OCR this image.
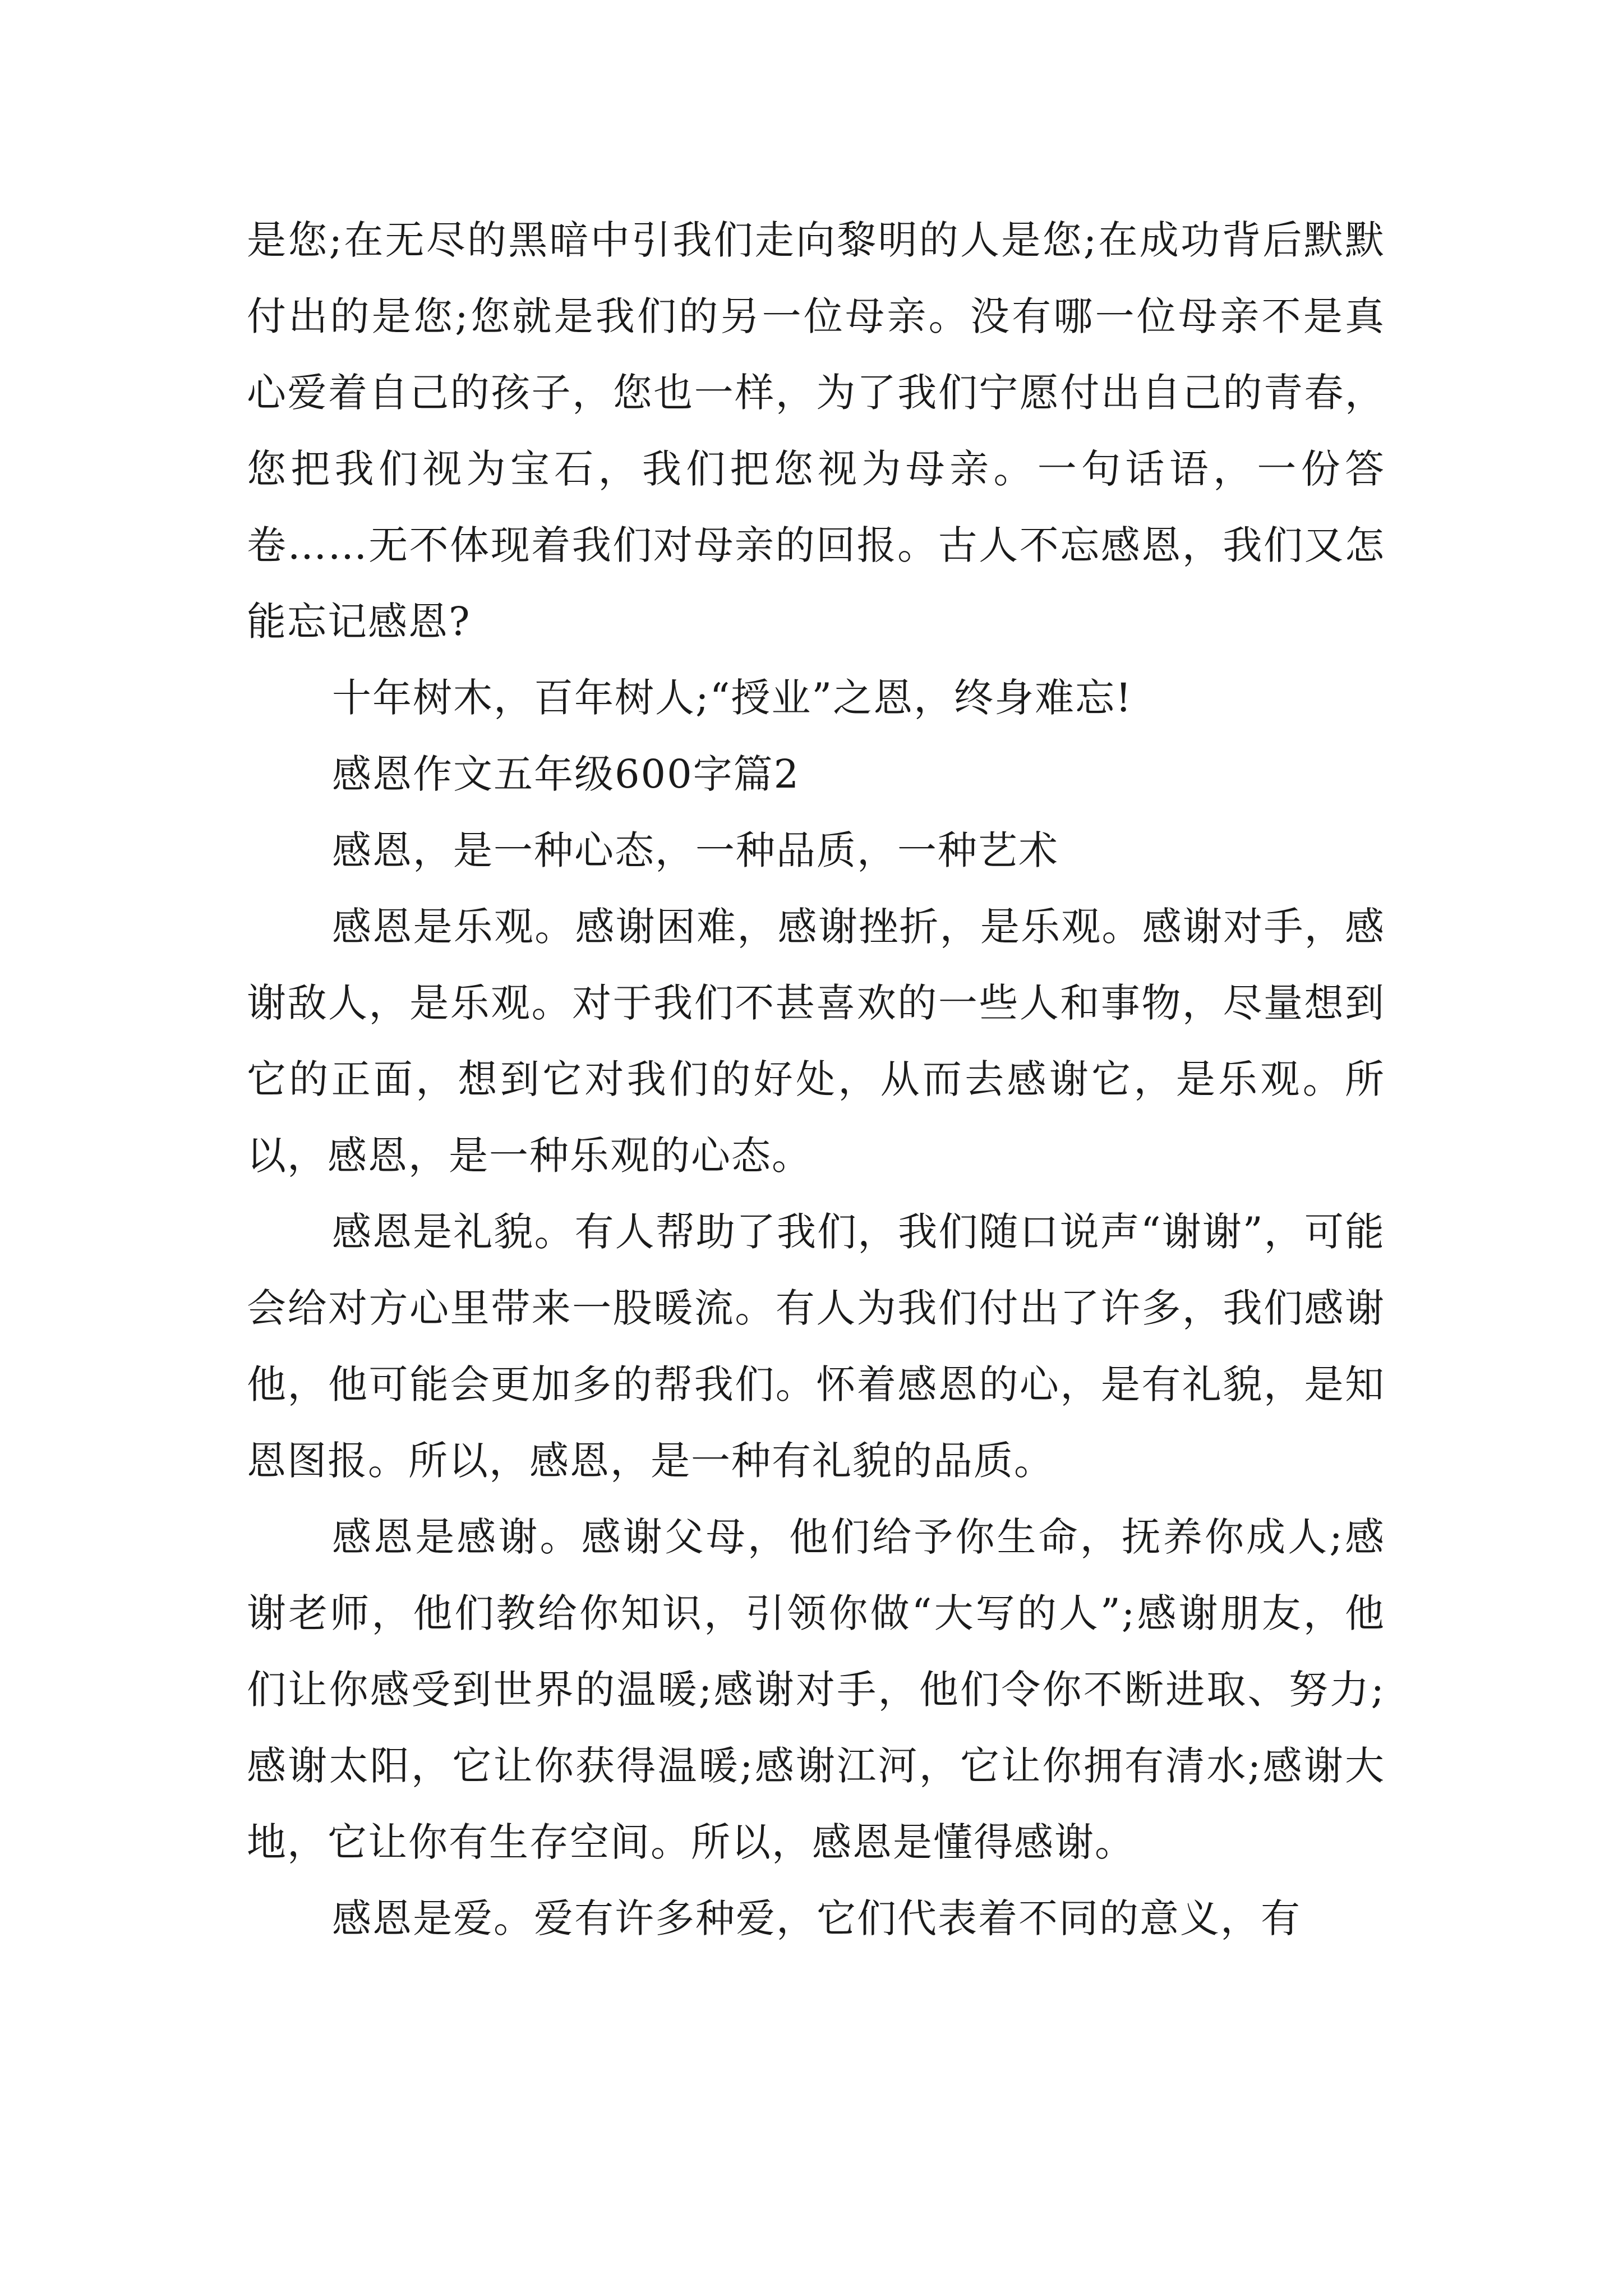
是您;在无尽的黑暗中引我们走向黎明的人是您;在成功背后默默付出的是您;您就是我们的另一位母亲。没有哪一位母亲不是真心爱着自己的孩子，您也一样，为了我们宁愿付出自己的青春，您把我们视为宝石，我们把您视为母亲。一句话语，一份答卷……无不体现着我们对母亲的回报。古人不忘感恩，我们又怎能忘记感恩?

十年树木，百年树人;“授业”之恩，终身难忘!

感恩作文五年级600字篇2

感恩，是一种心态，一种品质，一种艺术

感恩是乐观。感谢困难，感谢挫折，是乐观。感谢对手，感谢敌人，是乐观。对于我们不甚喜欢的一些人和事物，尽量想到它的正面，想到它对我们的好处，从而去感谢它，是乐观。所以，感恩，是一种乐观的心态。

感恩是礼貌。有人帮助了我们，我们随口说声“谢谢”，可能会给对方心里带来一股暖流。有人为我们付出了许多，我们感谢他，他可能会更加多的帮我们。怀着感恩的心，是有礼貌，是知恩图报。所以，感恩，是一种有礼貌的品质。

感恩是感谢。感谢父母，他们给予你生命，抚养你成人;感谢老师，他们教给你知识，引领你做“大写的人”;感谢朋友，他们让你感受到世界的温暖;感谢对手，他们令你不断进取、努力;感谢太阳，它让你获得温暖;感谢江河，它让你拥有清水;感谢大地，它让你有生存空间。所以，感恩是懂得感谢。

感恩是爱。爱有许多种爱，它们代表着不同的意义，有
